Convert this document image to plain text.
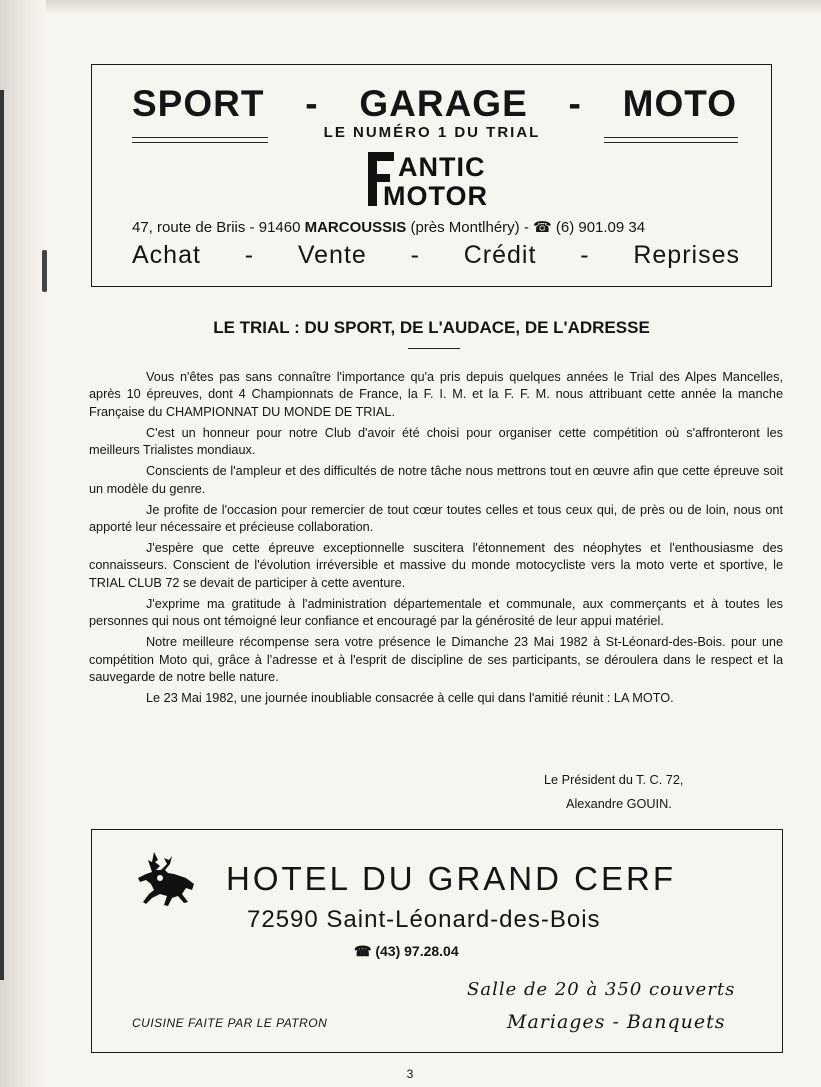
SPORT - GARAGE - MOTO
LE NUMÉRO 1 DU TRIAL
ANTIC
MOTOR
47, route de Briis - 91460 MARCOUSSIS (près Montlhéry) - ☎ (6) 901.09 34
Achat - Vente - Crédit - Reprises
LE TRIAL : DU SPORT, DE L'AUDACE, DE L'ADRESSE

Vous n'êtes pas sans connaître l'importance qu'a pris depuis quelques années le Trial des Alpes Mancelles, après 10 épreuves, dont 4 Championnats de France, la F. I. M. et la F. F. M. nous attribuant cette année la manche Française du CHAMPIONNAT DU MONDE DE TRIAL.

C'est un honneur pour notre Club d'avoir été choisi pour organiser cette compétition où s'affronteront les meilleurs Trialistes mondiaux.

Conscients de l'ampleur et des difficultés de notre tâche nous mettrons tout en œuvre afin que cette épreuve soit un modèle du genre.

Je profite de l'occasion pour remercier de tout cœur toutes celles et tous ceux qui, de près ou de loin, nous ont apporté leur nécessaire et précieuse collaboration.

J'espère que cette épreuve exceptionnelle suscitera l'étonnement des néophytes et l'enthousiasme des connaisseurs. Conscient de l'évolution irréversible et massive du monde motocycliste vers la moto verte et sportive, le TRIAL CLUB 72 se devait de participer à cette aventure.

J'exprime ma gratitude à l'administration départementale et communale, aux commerçants et à toutes les personnes qui nous ont témoigné leur confiance et encouragé par la générosité de leur appui matériel.

Notre meilleure récompense sera votre présence le Dimanche 23 Mai 1982 à St-Léonard-des-Bois. pour une compétition Moto qui, grâce à l'adresse et à l'esprit de discipline de ses participants, se déroulera dans le respect et la sauvegarde de notre belle nature.

Le 23 Mai 1982, une journée inoubliable consacrée à celle qui dans l'amitié réunit : LA MOTO.

Le Président du T. C. 72,
Alexandre GOUIN.
HOTEL DU GRAND CERF
72590 Saint-Léonard-des-Bois
☎ (43) 97.28.04
Salle de 20 à 350 couverts
CUISINE FAITE PAR LE PATRON	Mariages - Banquets
3
